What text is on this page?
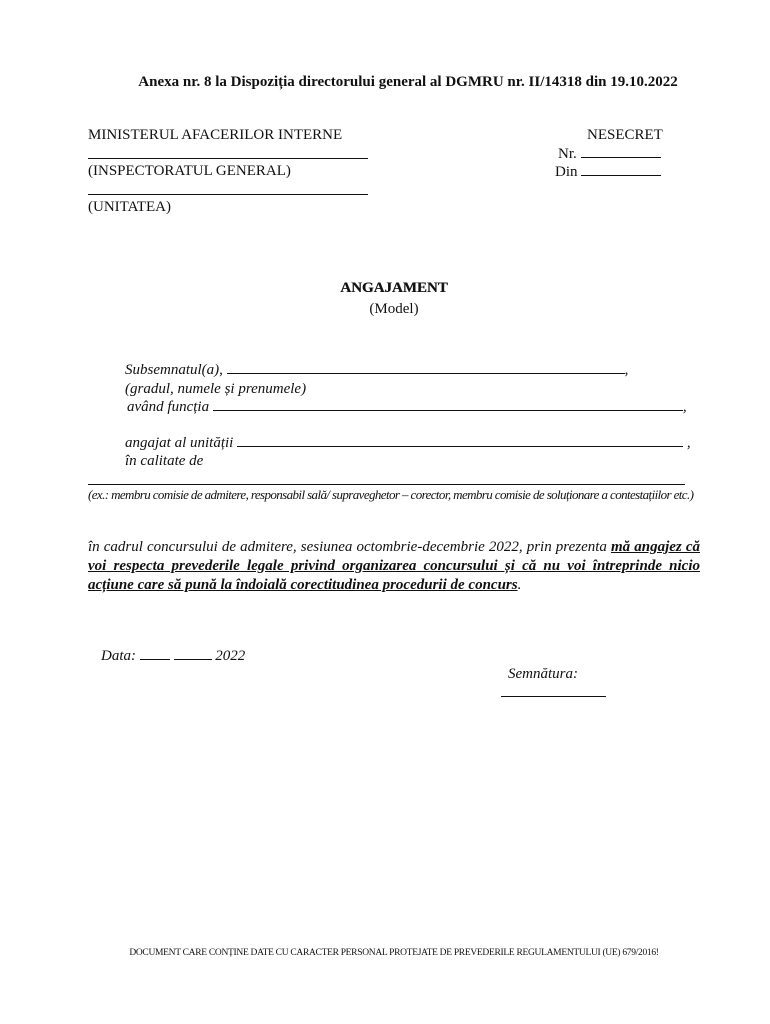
Anexa nr. 8 la Dispoziția directorului general al DGMRU nr. II/14318 din 19.10.2022
MINISTERUL AFACERILOR INTERNE
(INSPECTORATUL GENERAL)
(UNITATEA)
NESECRET
Nr.
Din
ANGAJAMENT
(Model)
Subsemnatul(a),	,
(gradul, numele și prenumele)
având funcția	,
angajat al unității	,
în calitate de
(ex.: membru comisie de admitere, responsabil sală/ supraveghetor – corector, membru comisie de soluționare a contestațiilor etc.)
în cadrul concursului de admitere, sesiunea octombrie-decembrie 2022, prin prezenta mă angajez că voi respecta prevederile legale privind organizarea concursului și că nu voi întreprinde nicio acțiune care să pună la îndoială corectitudinea procedurii de concurs.
Data:	2022
Semnătura:
DOCUMENT CARE CONȚINE DATE CU CARACTER PERSONAL PROTEJATE DE PREVEDERILE REGULAMENTULUI (UE) 679/2016!
